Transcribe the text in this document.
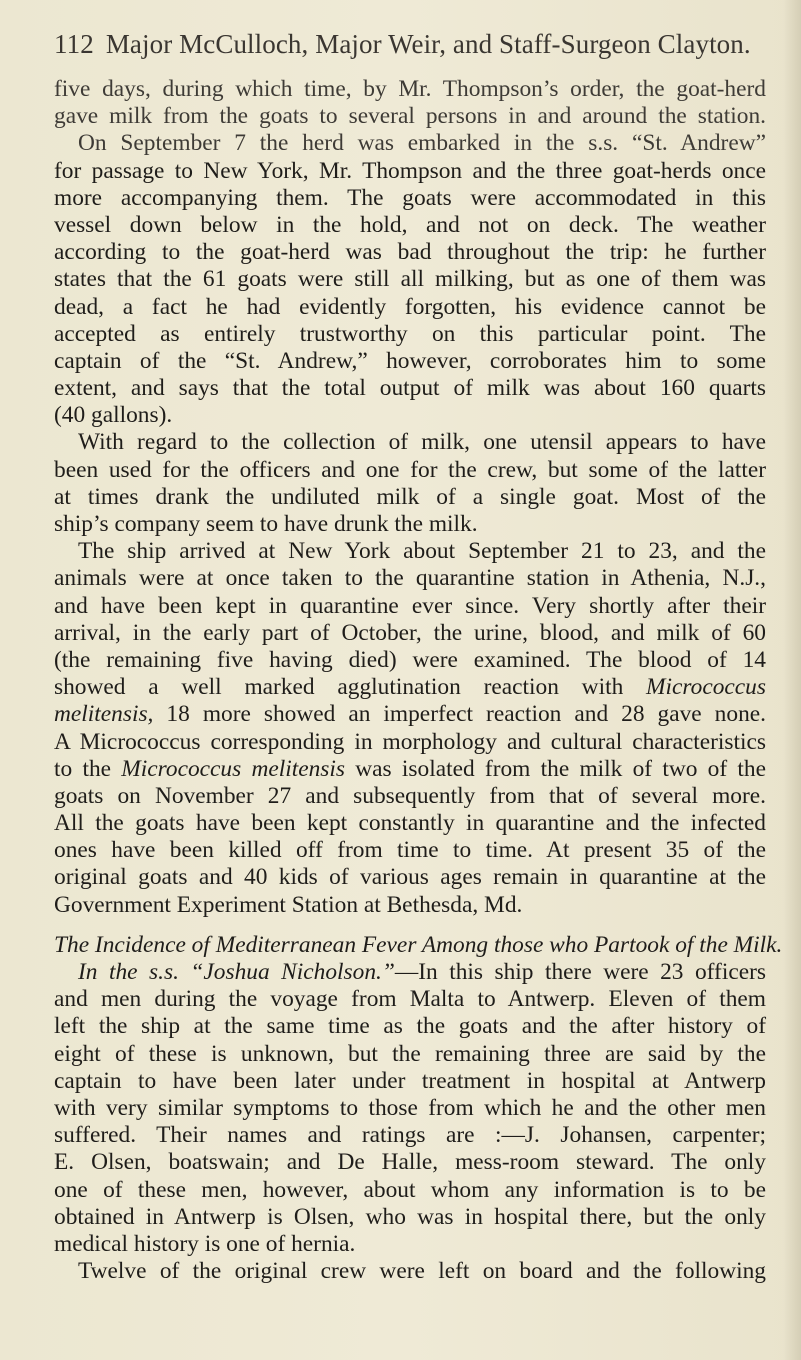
112 Major McCulloch, Major Weir, and Staff-Surgeon Clayton.
five days, during which time, by Mr. Thompson’s order, the goat-herd
gave milk from the goats to several persons in and around the station.
On September 7 the herd was embarked in the s.s. “St. Andrew”
for passage to New York, Mr. Thompson and the three goat-herds once
more accompanying them. The goats were accommodated in this
vessel down below in the hold, and not on deck. The weather
according to the goat-herd was bad throughout the trip: he further
states that the 61 goats were still all milking, but as one of them was
dead, a fact he had evidently forgotten, his evidence cannot be
accepted as entirely trustworthy on this particular point. The
captain of the “St. Andrew,” however, corroborates him to some
extent, and says that the total output of milk was about 160 quarts
(40 gallons).
With regard to the collection of milk, one utensil appears to have
been used for the officers and one for the crew, but some of the latter
at times drank the undiluted milk of a single goat. Most of the
ship’s company seem to have drunk the milk.
The ship arrived at New York about September 21 to 23, and the
animals were at once taken to the quarantine station in Athenia, N.J.,
and have been kept in quarantine ever since. Very shortly after their
arrival, in the early part of October, the urine, blood, and milk of 60
(the remaining five having died) were examined. The blood of 14
showed a well marked agglutination reaction with Micrococcus
melitensis, 18 more showed an imperfect reaction and 28 gave none.
A Micrococcus corresponding in morphology and cultural characteristics
to the Micrococcus melitensis was isolated from the milk of two of the
goats on November 27 and subsequently from that of several more.
All the goats have been kept constantly in quarantine and the infected
ones have been killed off from time to time. At present 35 of the
original goats and 40 kids of various ages remain in quarantine at the
Government Experiment Station at Bethesda, Md.
The Incidence of Mediterranean Fever Among those who Partook of the Milk.
In the s.s. “Joshua Nicholson.”—In this ship there were 23 officers
and men during the voyage from Malta to Antwerp. Eleven of them
left the ship at the same time as the goats and the after history of
eight of these is unknown, but the remaining three are said by the
captain to have been later under treatment in hospital at Antwerp
with very similar symptoms to those from which he and the other men
suffered. Their names and ratings are :—J. Johansen, carpenter;
E. Olsen, boatswain; and De Halle, mess-room steward. The only
one of these men, however, about whom any information is to be
obtained in Antwerp is Olsen, who was in hospital there, but the only
medical history is one of hernia.
Twelve of the original crew were left on board and the following
